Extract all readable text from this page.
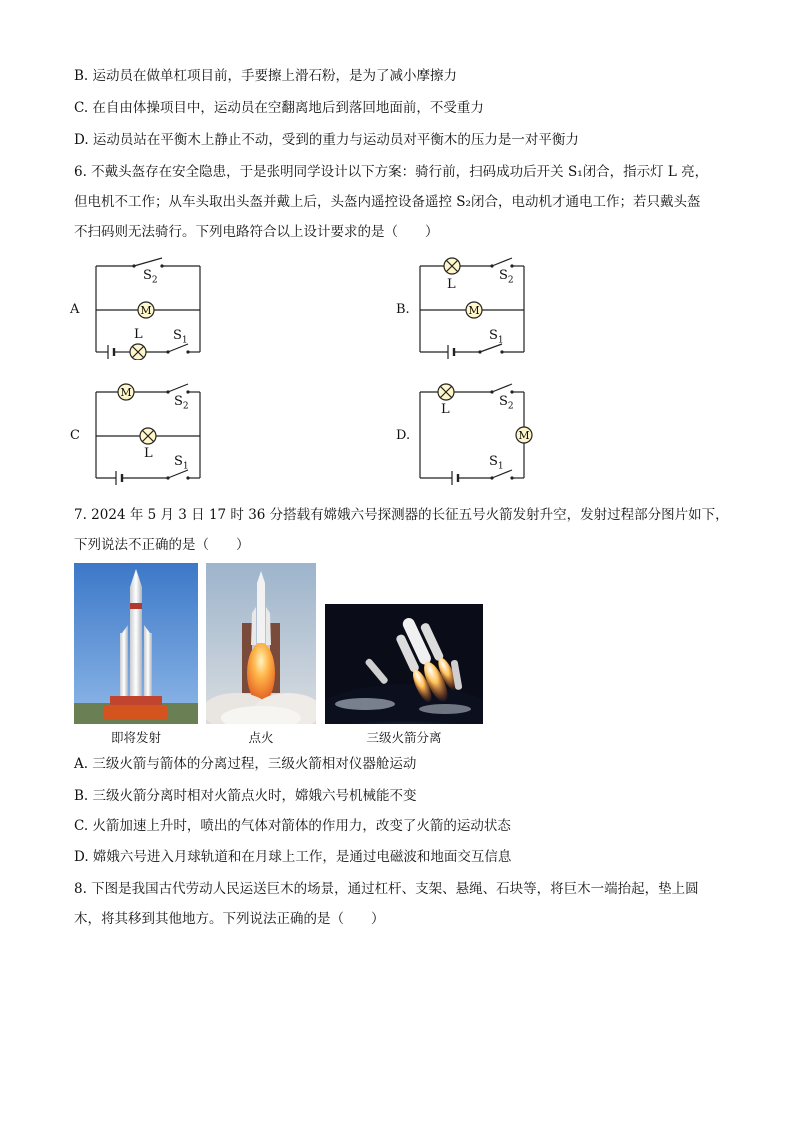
B. 运动员在做单杠项目前，手要擦上滑石粉，是为了减小摩擦力
C. 在自由体操项目中，运动员在空翻离地后到落回地面前，不受重力
D. 运动员站在平衡木上静止不动，受到的重力与运动员对平衡木的压力是一对平衡力
6. 不戴头盔存在安全隐患，于是张明同学设计以下方案：骑行前，扫码成功后开关 S₁闭合，指示灯 L 亮，
但电机不工作；从车头取出头盔并戴上后，头盔内遥控设备遥控 S₂闭合，电动机才通电工作；若只戴头盔
不扫码则无法骑行。下列电路符合以上设计要求的是（　　）
A	M
$S_2$
L $S_1$
B.	M
L
$S_2$
$S_1$
C
M
$S_2$
L
$S_1$
D.	M
L
$S_2$
$S_1$
7. 2024 年 5 月 3 日 17 时 36 分搭载有嫦娥六号探测器的长征五号火箭发射升空，发射过程部分图片如下，
下列说法不正确的是（　　）
即将发射	点火	三级火箭分离
A. 三级火箭与箭体的分离过程，三级火箭相对仪器舱运动
B. 三级火箭分离时相对火箭点火时，嫦娥六号机械能不变
C. 火箭加速上升时，喷出的气体对箭体的作用力，改变了火箭的运动状态
D. 嫦娥六号进入月球轨道和在月球上工作，是通过电磁波和地面交互信息
8. 下图是我国古代劳动人民运送巨木的场景，通过杠杆、支架、悬绳、石块等，将巨木一端抬起，垫上圆
木，将其移到其他地方。下列说法正确的是（　　）
